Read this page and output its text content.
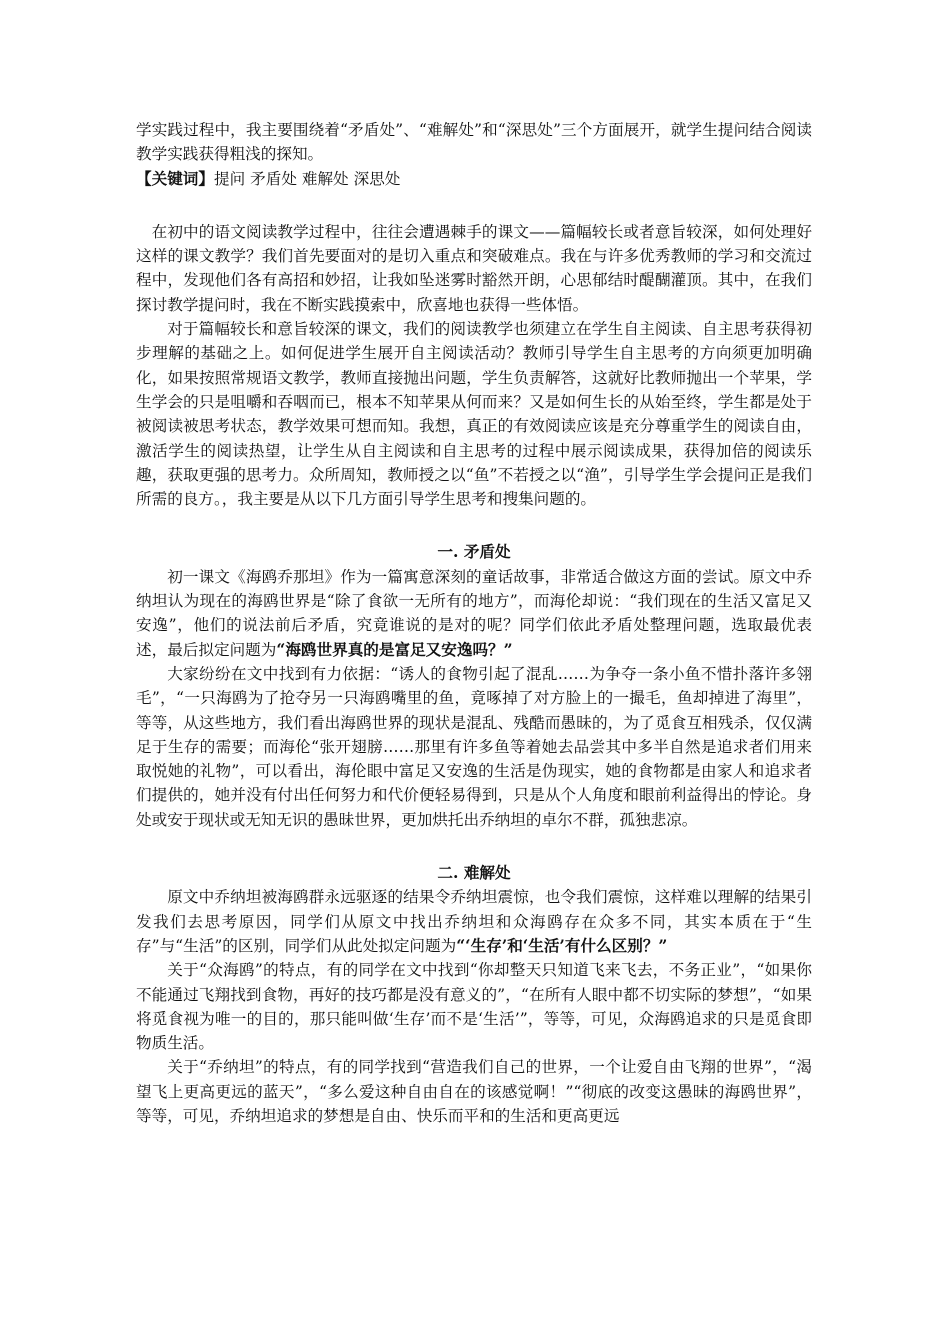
学实践过程中，我主要围绕着“矛盾处”、“难解处”和“深思处”三个方面展开，就学生提问结合阅读教学实践获得粗浅的探知。

【关键词】提问 矛盾处 难解处 深思处

在初中的语文阅读教学过程中，往往会遭遇棘手的课文——篇幅较长或者意旨较深，如何处理好这样的课文教学？我们首先要面对的是切入重点和突破难点。我在与许多优秀教师的学习和交流过程中，发现他们各有高招和妙招，让我如坠迷雾时豁然开朗，心思郁结时醍醐灌顶。其中，在我们探讨教学提问时，我在不断实践摸索中，欣喜地也获得一些体悟。

对于篇幅较长和意旨较深的课文，我们的阅读教学也须建立在学生自主阅读、自主思考获得初步理解的基础之上。如何促进学生展开自主阅读活动？教师引导学生自主思考的方向须更加明确化，如果按照常规语文教学，教师直接抛出问题，学生负责解答，这就好比教师抛出一个苹果，学生学会的只是咀嚼和吞咽而已，根本不知苹果从何而来？又是如何生长的从始至终，学生都是处于被阅读被思考状态，教学效果可想而知。我想，真正的有效阅读应该是充分尊重学生的阅读自由，激活学生的阅读热望，让学生从自主阅读和自主思考的过程中展示阅读成果，获得加倍的阅读乐趣，获取更强的思考力。众所周知，教师授之以“鱼”不若授之以“渔”，引导学生学会提问正是我们所需的良方。，我主要是从以下几方面引导学生思考和搜集问题的。

一. 矛盾处

初一课文《海鸥乔那坦》作为一篇寓意深刻的童话故事，非常适合做这方面的尝试。原文中乔纳坦认为现在的海鸥世界是“除了食欲一无所有的地方”，而海伦却说：“我们现在的生活又富足又安逸”，他们的说法前后矛盾，究竟谁说的是对的呢？同学们依此矛盾处整理问题，选取最优表述，最后拟定问题为“海鸥世界真的是富足又安逸吗？”

大家纷纷在文中找到有力依据：“诱人的食物引起了混乱……为争夺一条小鱼不惜扑落许多翎毛”，“一只海鸥为了抢夺另一只海鸥嘴里的鱼，竟啄掉了对方脸上的一撮毛，鱼却掉进了海里”，等等，从这些地方，我们看出海鸥世界的现状是混乱、残酷而愚昧的，为了觅食互相残杀，仅仅满足于生存的需要；而海伦“张开翅膀……那里有许多鱼等着她去品尝其中多半自然是追求者们用来取悦她的礼物”，可以看出，海伦眼中富足又安逸的生活是伪现实，她的食物都是由家人和追求者们提供的，她并没有付出任何努力和代价便轻易得到，只是从个人角度和眼前利益得出的悖论。身处或安于现状或无知无识的愚昧世界，更加烘托出乔纳坦的卓尔不群，孤独悲凉。

二. 难解处

原文中乔纳坦被海鸥群永远驱逐的结果令乔纳坦震惊，也令我们震惊，这样难以理解的结果引发我们去思考原因，同学们从原文中找出乔纳坦和众海鸥存在众多不同，其实本质在于“生存”与“生活”的区别，同学们从此处拟定问题为“‘生存’和‘生活’有什么区别？”

关于“众海鸥”的特点，有的同学在文中找到“你却整天只知道飞来飞去，不务正业”，“如果你不能通过飞翔找到食物，再好的技巧都是没有意义的”，“在所有人眼中都不切实际的梦想”，“如果将觅食视为唯一的目的，那只能叫做‘生存’而不是‘生活’”，等等，可见，众海鸥追求的只是觅食即物质生活。

关于“乔纳坦”的特点，有的同学找到“营造我们自己的世界，一个让爱自由飞翔的世界”，“渴望飞上更高更远的蓝天”，“多么爱这种自由自在的该感觉啊！”“彻底的改变这愚昧的海鸥世界”，等等，可见，乔纳坦追求的梦想是自由、快乐而平和的生活和更高更远
